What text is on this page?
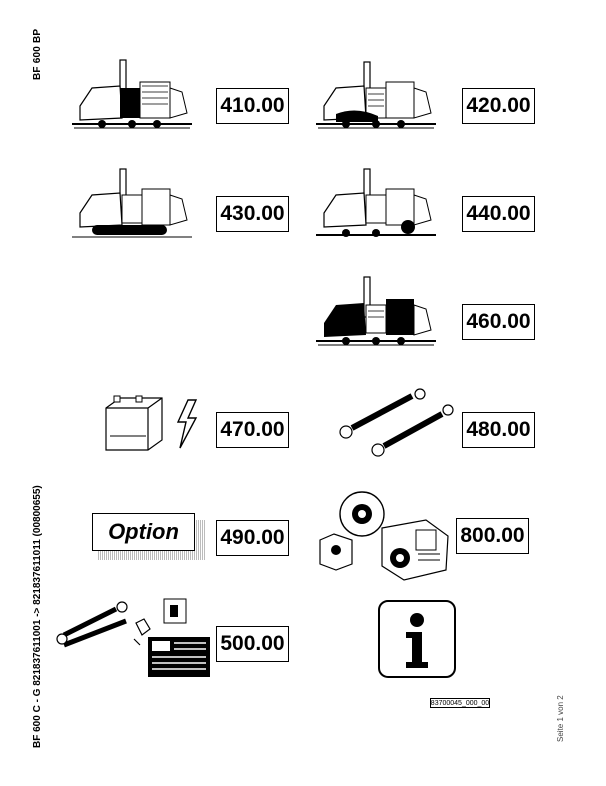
BF 600 BP
BF 600 C - G 821837611001 -> 821837611011 (00800655)	Seite 1 von 2
410.00	420.00
430.00	440.00
460.00
470.00	480.00
Option	490.00	800.00
500.00
83700045_000_00
